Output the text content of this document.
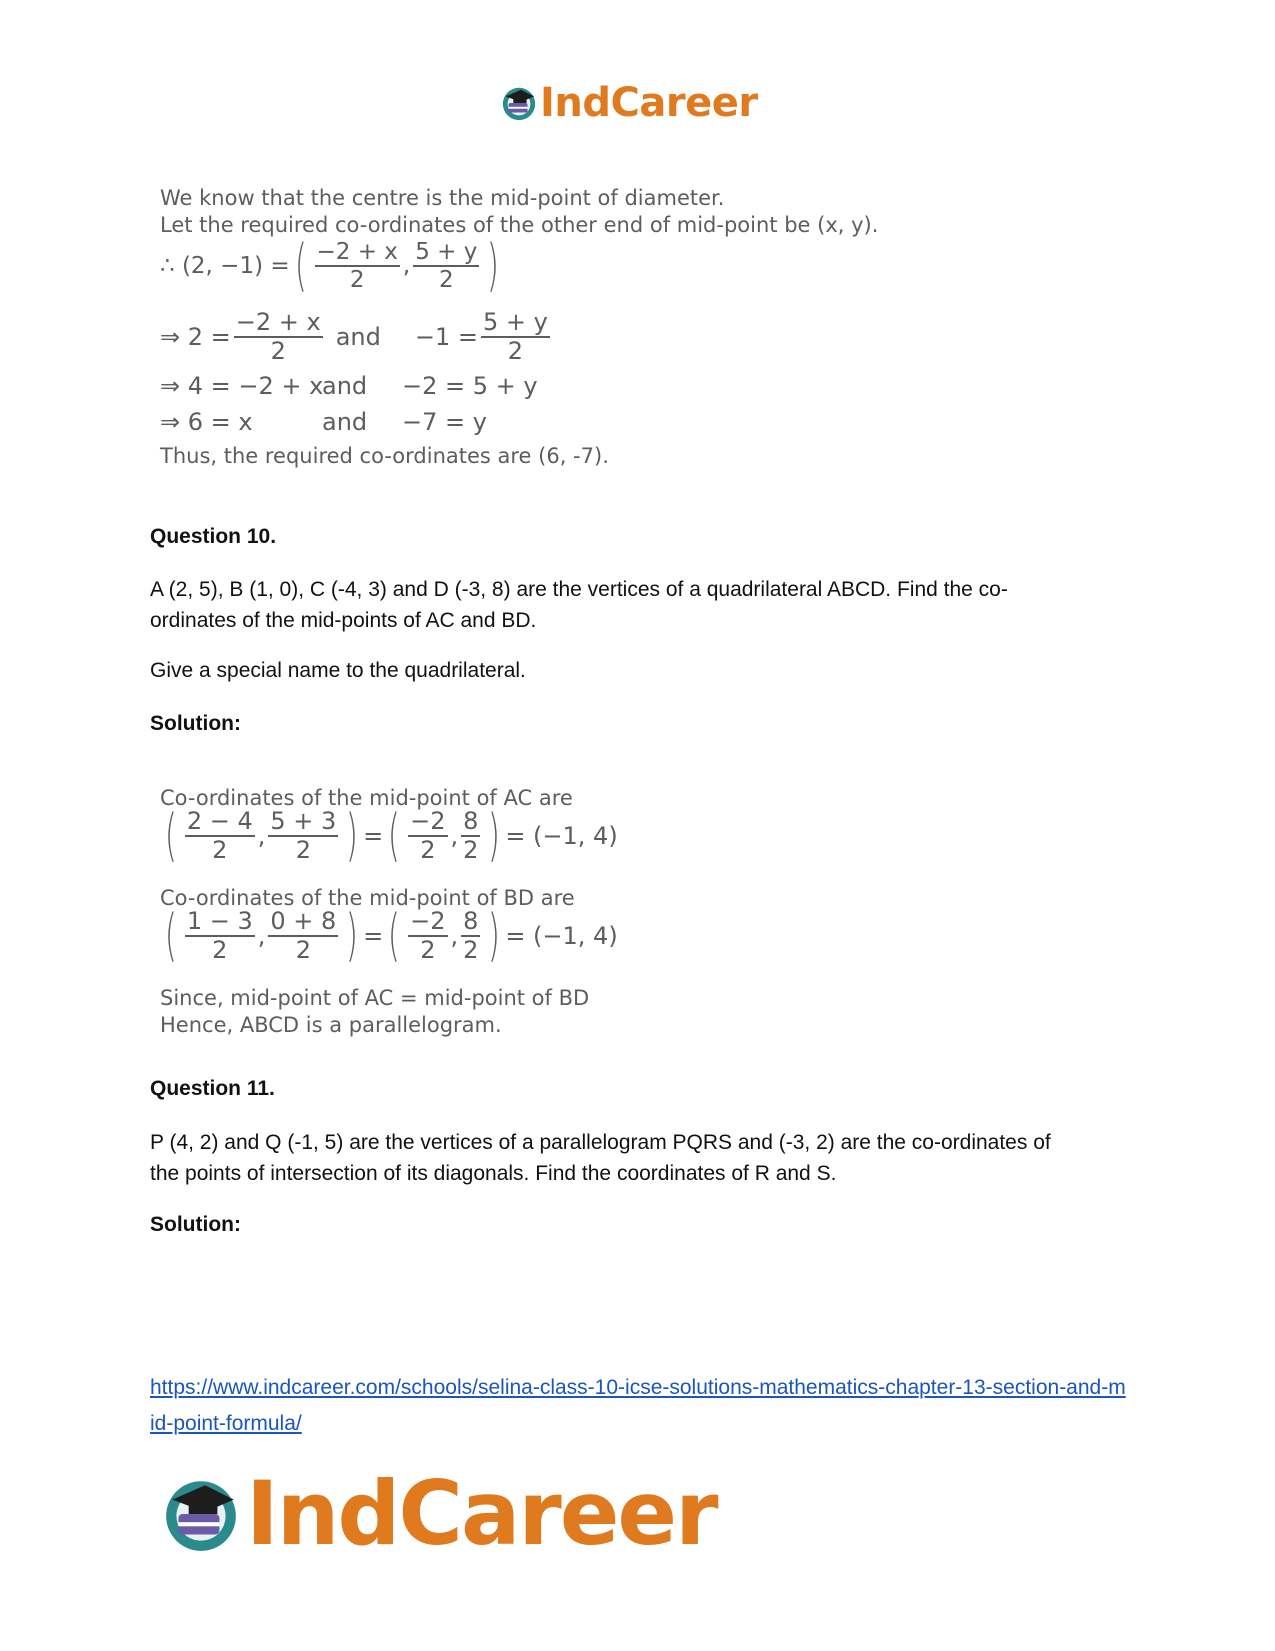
IndCareer
We know that the centre is the mid-point of diameter.
Let the required co-ordinates of the other end of mid-point be (x, y).
∴ (2, −1) = ( $\frac{-2 + x}{2}$ , $\frac{5 + y}{2}$ )
⇒ $2 = \frac{-2 + x}{2}$ and $-1 = \frac{5 + y}{2}$
⇒ 4 = −2 + x
and	−2 = 5 + y
⇒ 6 = x	and	−7 = y
Thus, the required co-ordinates are (6, -7).
Question 10.
A (2, 5), B (1, 0), C (-4, 3) and D (-3, 8) are the vertices of a quadrilateral ABCD. Find the co-ordinates of the mid-points of AC and BD.
Give a special name to the quadrilateral.
Solution:
Co-ordinates of the mid-point of AC are
( $\frac{2 - 4}{2}$ , $\frac{5 + 3}{2}$ ) = ( $\frac{-2}{2}$ , $\frac{8}{2}$ ) = (−1, 4)
Co-ordinates of the mid-point of BD are
( $\frac{1 - 3}{2}$ , $\frac{0 + 8}{2}$ ) = ( $\frac{-2}{2}$ , $\frac{8}{2}$ ) = (−1, 4)
Since, mid-point of AC = mid-point of BD
Hence, ABCD is a parallelogram.
Question 11.
P (4, 2) and Q (-1, 5) are the vertices of a parallelogram PQRS and (-3, 2) are the co-ordinates of the points of intersection of its diagonals. Find the coordinates of R and S.
Solution:
https://www.indcareer.com/schools/selina-class-10-icse-solutions-mathematics-chapter-13-section-and-mid-point-formula/
IndCareer
